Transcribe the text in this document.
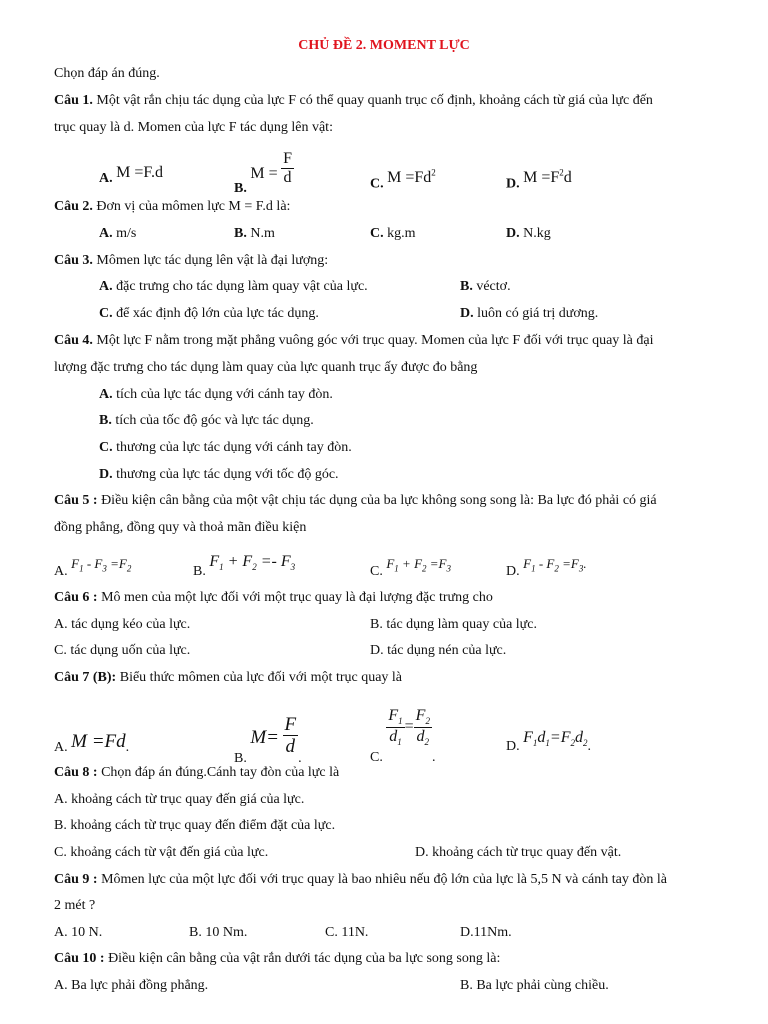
CHỦ ĐỀ 2. MOMENT LỰC
Chọn đáp án đúng.
Câu 1. Một vật rắn chịu tác dụng của lực F có thể quay quanh trục cố định, khoảng cách từ giá của lực đến
trục quay là d. Momen của lực F tác dụng lên vật:
A. M =F.d
B. $M = \frac{F}{d}$	C. $M =Fd^2$
D. $M =F^2d$
Câu 2. Đơn vị của mômen lực M = F.d là:
A. m/s	B. N.m	C. kg.m	D. N.kg
Câu 3. Mômen lực tác dụng lên vật là đại lượng:
A. đặc trưng cho tác dụng làm quay vật của lực.	B. véctơ.
C. để xác định độ lớn của lực tác dụng.	D. luôn có giá trị dương.
Câu 4. Một lực F nằm trong mặt phẳng vuông góc với trục quay. Momen của lực F đối với trục quay là đại
lượng đặc trưng cho tác dụng làm quay của lực quanh trục ấy được đo bằng
A. tích của lực tác dụng với cánh tay đòn.
B. tích của tốc độ góc và lực tác dụng.
C. thương của lực tác dụng với cánh tay đòn.
D. thương của lực tác dụng với tốc độ góc.
Câu 5 : Điều kiện cân bằng của một vật chịu tác dụng của ba lực không song song là: Ba lực đó phải có giá
đồng phẳng, đồng quy và thoả mãn điều kiện
A. $F_1 - F_3 =F_2$	B. $F_1 + F_2 =- F_3$	C. $F_1 + F_2 =F_3$	D. $F_1 - F_2 =F_3$.
Câu 6 : Mô men của một lực đối với một trục quay là đại lượng đặc trưng cho
A. tác dụng kéo của lực.	B. tác dụng làm quay của lực.
C. tác dụng uốn của lực.	D. tác dụng nén của lực.
Câu 7 (B): Biểu thức mômen của lực đối với một trục quay là
A. M =Fd.
B. $M= \frac{F}{d}$
.	C.
$\frac{F_1}{d_1} = \frac{F_2}{d_2}$
.
D. $F_1d_1=F_2d_2$.
Câu 8 : Chọn đáp án đúng.Cánh tay đòn của lực là
A. khoảng cách từ trục quay đến giá của lực.
B. khoảng cách từ trục quay đến điểm đặt của lực.
C. khoảng cách từ vật đến giá của lực.	D. khoảng cách từ trục quay đến vật.
Câu 9 : Mômen lực của một lực đối với trục quay là bao nhiêu nếu độ lớn của lực là 5,5 N và cánh tay đòn là
2 mét ?
A. 10 N.	B. 10 Nm.	C. 11N.	D.11Nm.
Câu 10 : Điều kiện cân bằng của vật rắn dưới tác dụng của ba lực song song là:
A. Ba lực phải đồng phẳng.	B. Ba lực phải cùng chiều.
